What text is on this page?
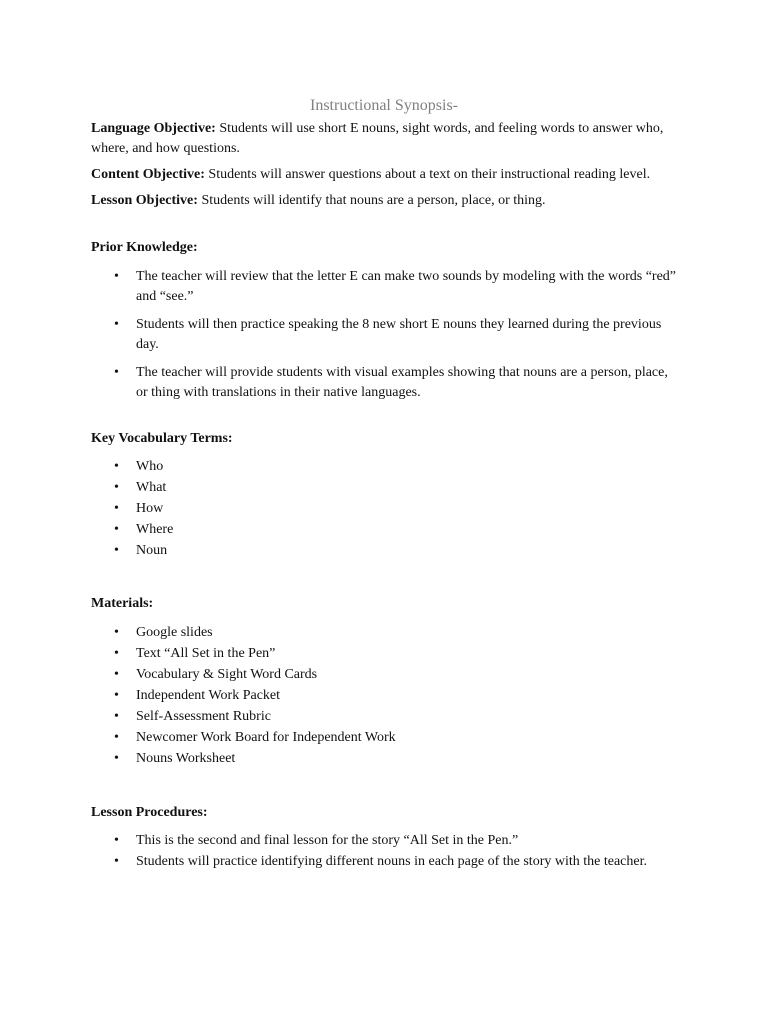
Instructional Synopsis-

Language Objective: Students will use short E nouns, sight words, and feeling words to answer who, where, and how questions.

Content Objective: Students will answer questions about a text on their instructional reading level.

Lesson Objective: Students will identify that nouns are a person, place, or thing.

Prior Knowledge:

• The teacher will review that the letter E can make two sounds by modeling with the words “red” and “see.”
• Students will then practice speaking the 8 new short E nouns they learned during the previous day.
• The teacher will provide students with visual examples showing that nouns are a person, place, or thing with translations in their native languages.

Key Vocabulary Terms:

• Who
• What
• How
• Where
• Noun

Materials:

• Google slides
• Text “All Set in the Pen”
• Vocabulary & Sight Word Cards
• Independent Work Packet
• Self-Assessment Rubric
• Newcomer Work Board for Independent Work
• Nouns Worksheet

Lesson Procedures:

• This is the second and final lesson for the story “All Set in the Pen.”
• Students will practice identifying different nouns in each page of the story with the teacher.
